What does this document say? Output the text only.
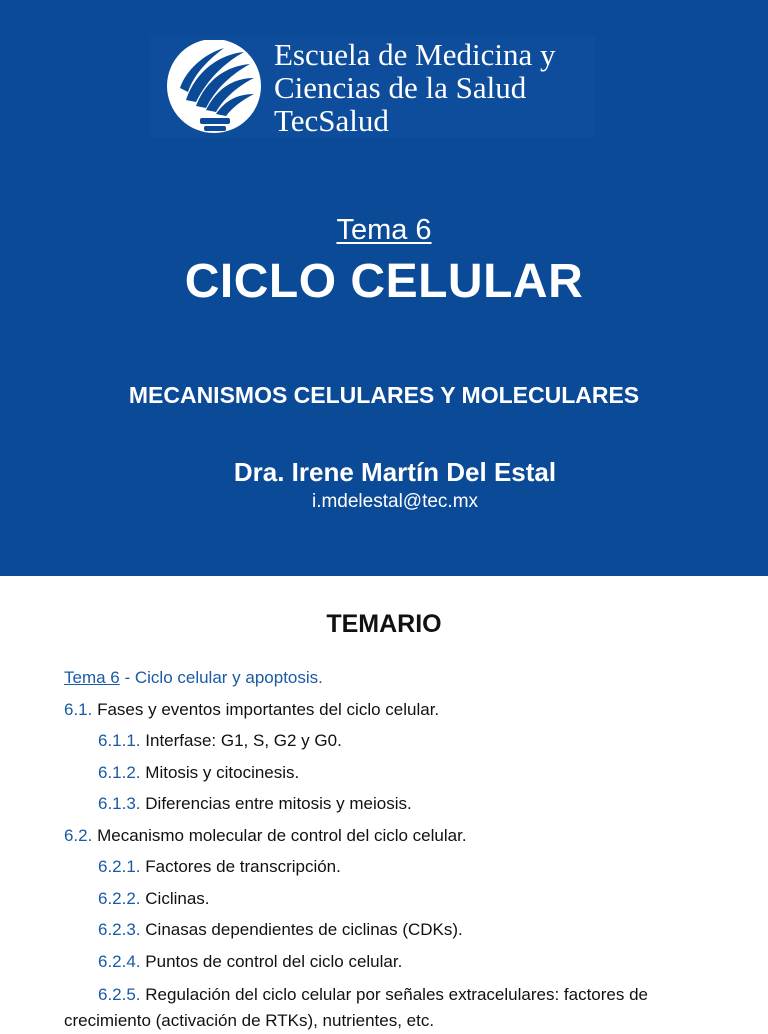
Escuela de Medicina y
Ciencias de la Salud
TecSalud
Tema 6
CICLO CELULAR
MECANISMOS CELULARES Y MOLECULARES
Dra. Irene Martín Del Estal
i.mdelestal@tec.mx
TEMARIO
Tema 6 - Ciclo celular y apoptosis.
6.1. Fases y eventos importantes del ciclo celular.
6.1.1. Interfase: G1, S, G2 y G0.
6.1.2. Mitosis y citocinesis.
6.1.3. Diferencias entre mitosis y meiosis.
6.2. Mecanismo molecular de control del ciclo celular.
6.2.1. Factores de transcripción.
6.2.2. Ciclinas.
6.2.3. Cinasas dependientes de ciclinas (CDKs).
6.2.4. Puntos de control del ciclo celular.
6.2.5. Regulación del ciclo celular por señales extracelulares: factores de crecimiento (activación de RTKs), nutrientes, etc.
